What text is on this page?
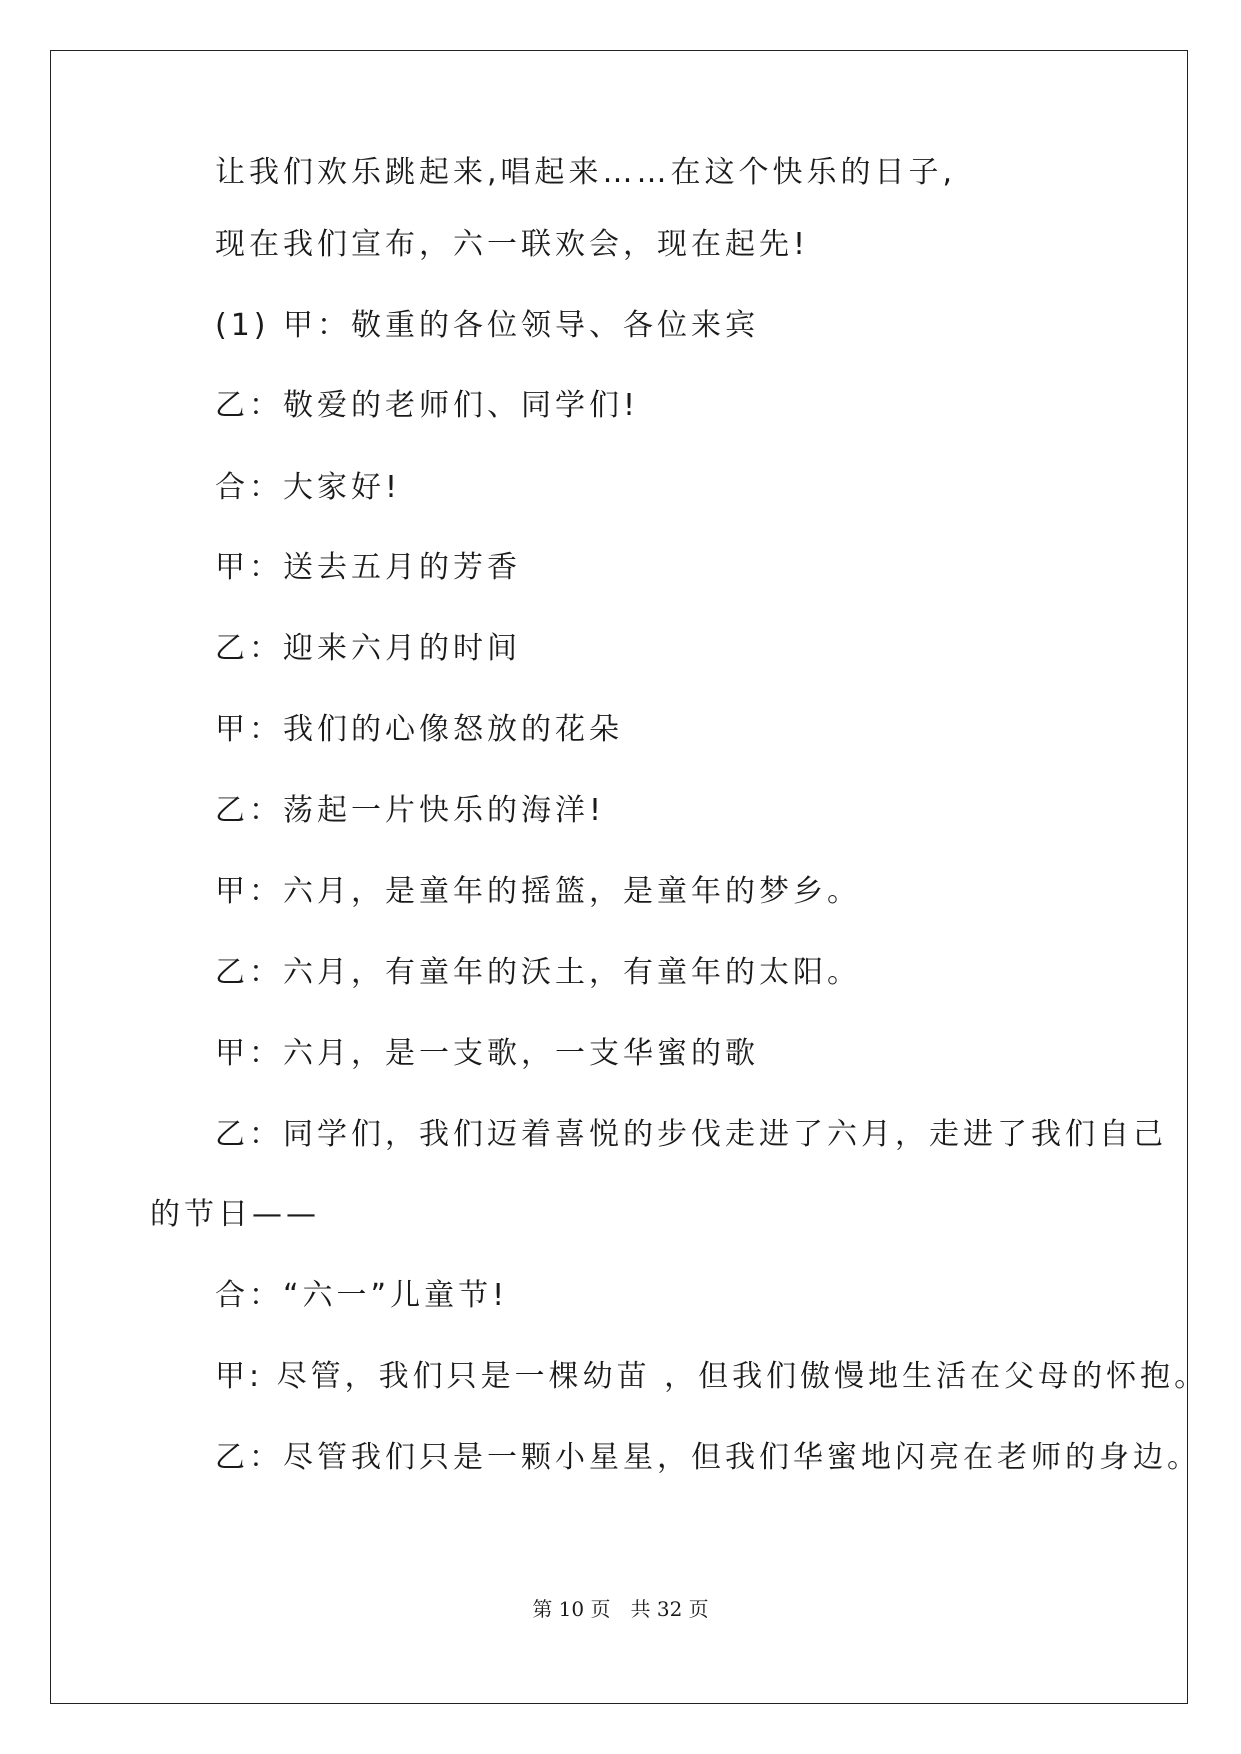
让我们欢乐跳起来,唱起来……在这个快乐的日子,
现在我们宣布，六一联欢会，现在起先!
(1) 甲：敬重的各位领导、各位来宾
乙：敬爱的老师们、同学们!
合：大家好!
甲：送去五月的芳香
乙：迎来六月的时间
甲：我们的心像怒放的花朵
乙：荡起一片快乐的海洋!
甲：六月，是童年的摇篮，是童年的梦乡。
乙：六月，有童年的沃土，有童年的太阳。
甲：六月，是一支歌，一支华蜜的歌
乙：同学们，我们迈着喜悦的步伐走进了六月，走进了我们自己
的节日——
合：“六一”儿童节!
甲: 尽管，我们只是一棵幼苗 ，但我们傲慢地生活在父母的怀抱。
乙：尽管我们只是一颗小星星，但我们华蜜地闪亮在老师的身边。
第 10 页　共 32 页
